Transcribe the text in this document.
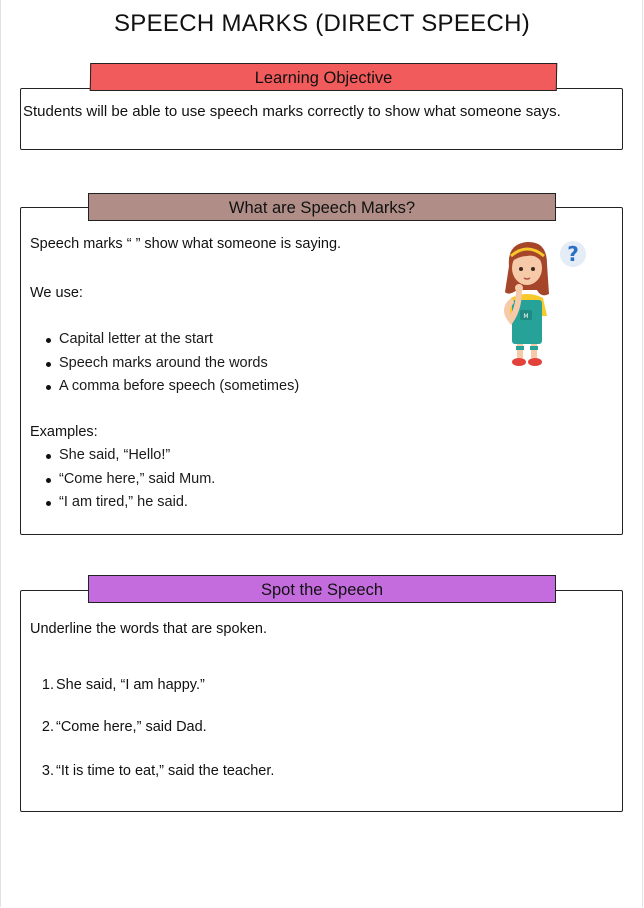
SPEECH MARKS (DIRECT SPEECH)
Students will be able to use speech marks correctly to show what someone says.
Learning Objective
Speech marks “ ” show what someone is saying.
We use:
Capital letter at the start
Speech marks around the words
A comma before speech (sometimes)
Examples:
She said, “Hello!”
“Come here,” said Mum.
“I am tired,” he said.
What are Speech Marks?
M
?
Underline the words that are spoken.
1. She said, “I am happy.”
2. “Come here,” said Dad.
3. “It is time to eat,” said the teacher.
Spot the Speech
